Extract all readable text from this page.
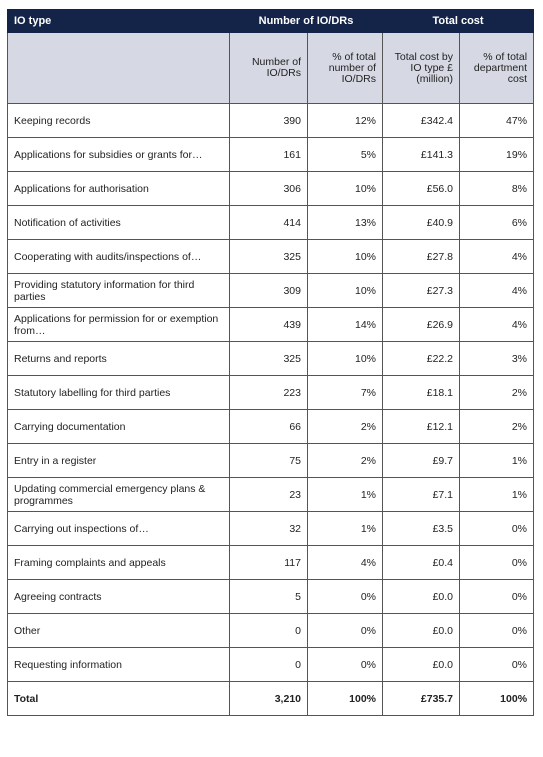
IO type	Number of IO/DRs		Total cost	
	Number of IO/DRs	% of total number of IO/DRs	Total cost by IO type £ (million)	% of total department cost
Keeping records	390	12%	£342.4	47%
Applications for subsidies or grants for…	161	5%	£141.3	19%
Applications for authorisation	306	10%	£56.0	8%
Notification of activities	414	13%	£40.9	6%
Cooperating with audits/inspections of…	325	10%	£27.8	4%
Providing statutory information for third parties	309	10%	£27.3	4%
Applications for permission for or exemption from…	439	14%	£26.9	4%
Returns and reports	325	10%	£22.2	3%
Statutory labelling for third parties	223	7%	£18.1	2%
Carrying documentation	66	2%	£12.1	2%
Entry in a register	75	2%	£9.7	1%
Updating commercial emergency plans & programmes	23	1%	£7.1	1%
Carrying out inspections of…	32	1%	£3.5	0%
Framing complaints and appeals	117	4%	£0.4	0%
Agreeing contracts	5	0%	£0.0	0%
Other	0	0%	£0.0	0%
Requesting information	0	0%	£0.0	0%
Total	3,210	100%	£735.7	100%
